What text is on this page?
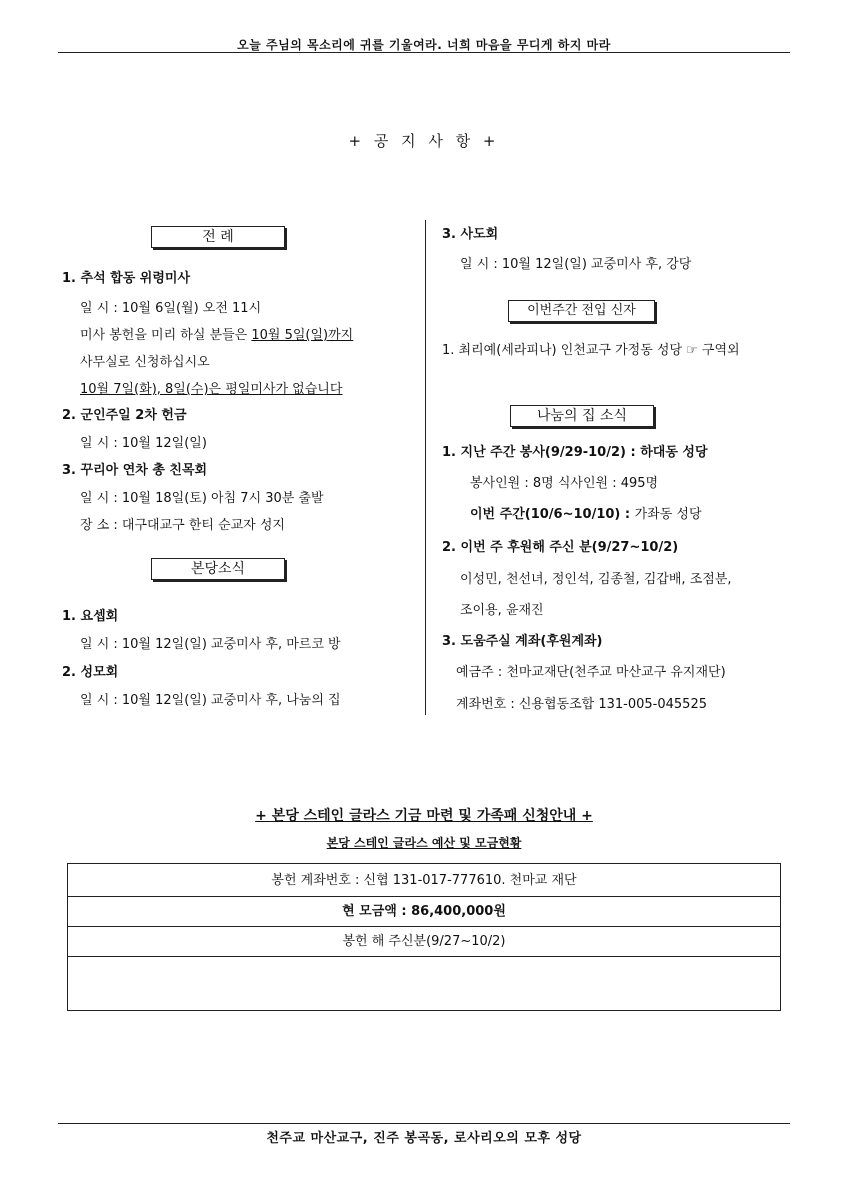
오늘 주님의 목소리에 귀를 기울여라. 너희 마음을 무디게 하지 마라
+ 공 지 사 항 +
전 례
1. 추석 합동 위령미사
일 시 : 10월 6일(월) 오전 11시
미사 봉헌을 미리 하실 분들은 10월 5일(일)까지
사무실로 신청하십시오
10월 7일(화), 8일(수)은 평일미사가 없습니다
2. 군인주일 2차 헌금
일 시 : 10월 12일(일)
3. 꾸리아 연차 총 친목회
일 시 : 10월 18일(토) 아침 7시 30분 출발
장 소 : 대구대교구 한티 순교자 성지
본당소식
1. 요셉회
일 시 : 10월 12일(일) 교중미사 후, 마르코 방
2. 성모회
일 시 : 10월 12일(일) 교중미사 후, 나눔의 집
3. 사도회
일 시 : 10월 12일(일) 교중미사 후, 강당
이번주간 전입 신자
1. 최리예(세라피나) 인천교구 가정동 성당 ☞ 구역외
나눔의 집 소식
1. 지난 주간 봉사(9/29-10/2) : 하대동 성당
봉사인원 : 8명 식사인원 : 495명
이번 주간(10/6~10/10) : 가좌동 성당
2. 이번 주 후원해 주신 분(9/27~10/2)
이성민, 천선녀, 정인석, 김종철, 김갑배, 조점분,
조이용, 윤재진
3. 도움주실 계좌(후원계좌)
예금주 : 천마교재단(천주교 마산교구 유지재단)
계좌번호 : 신용협동조합 131-005-045525
+ 본당 스테인 글라스 기금 마련 및 가족패 신청안내 +
본당 스테인 글라스 예산 및 모금현황
봉헌 계좌번호 : 신협 131-017-777610. 천마교 재단
현 모금액 : 86,400,000원
봉헌 해 주신분(9/27~10/2)
천주교 마산교구, 진주 봉곡동, 로사리오의 모후 성당
